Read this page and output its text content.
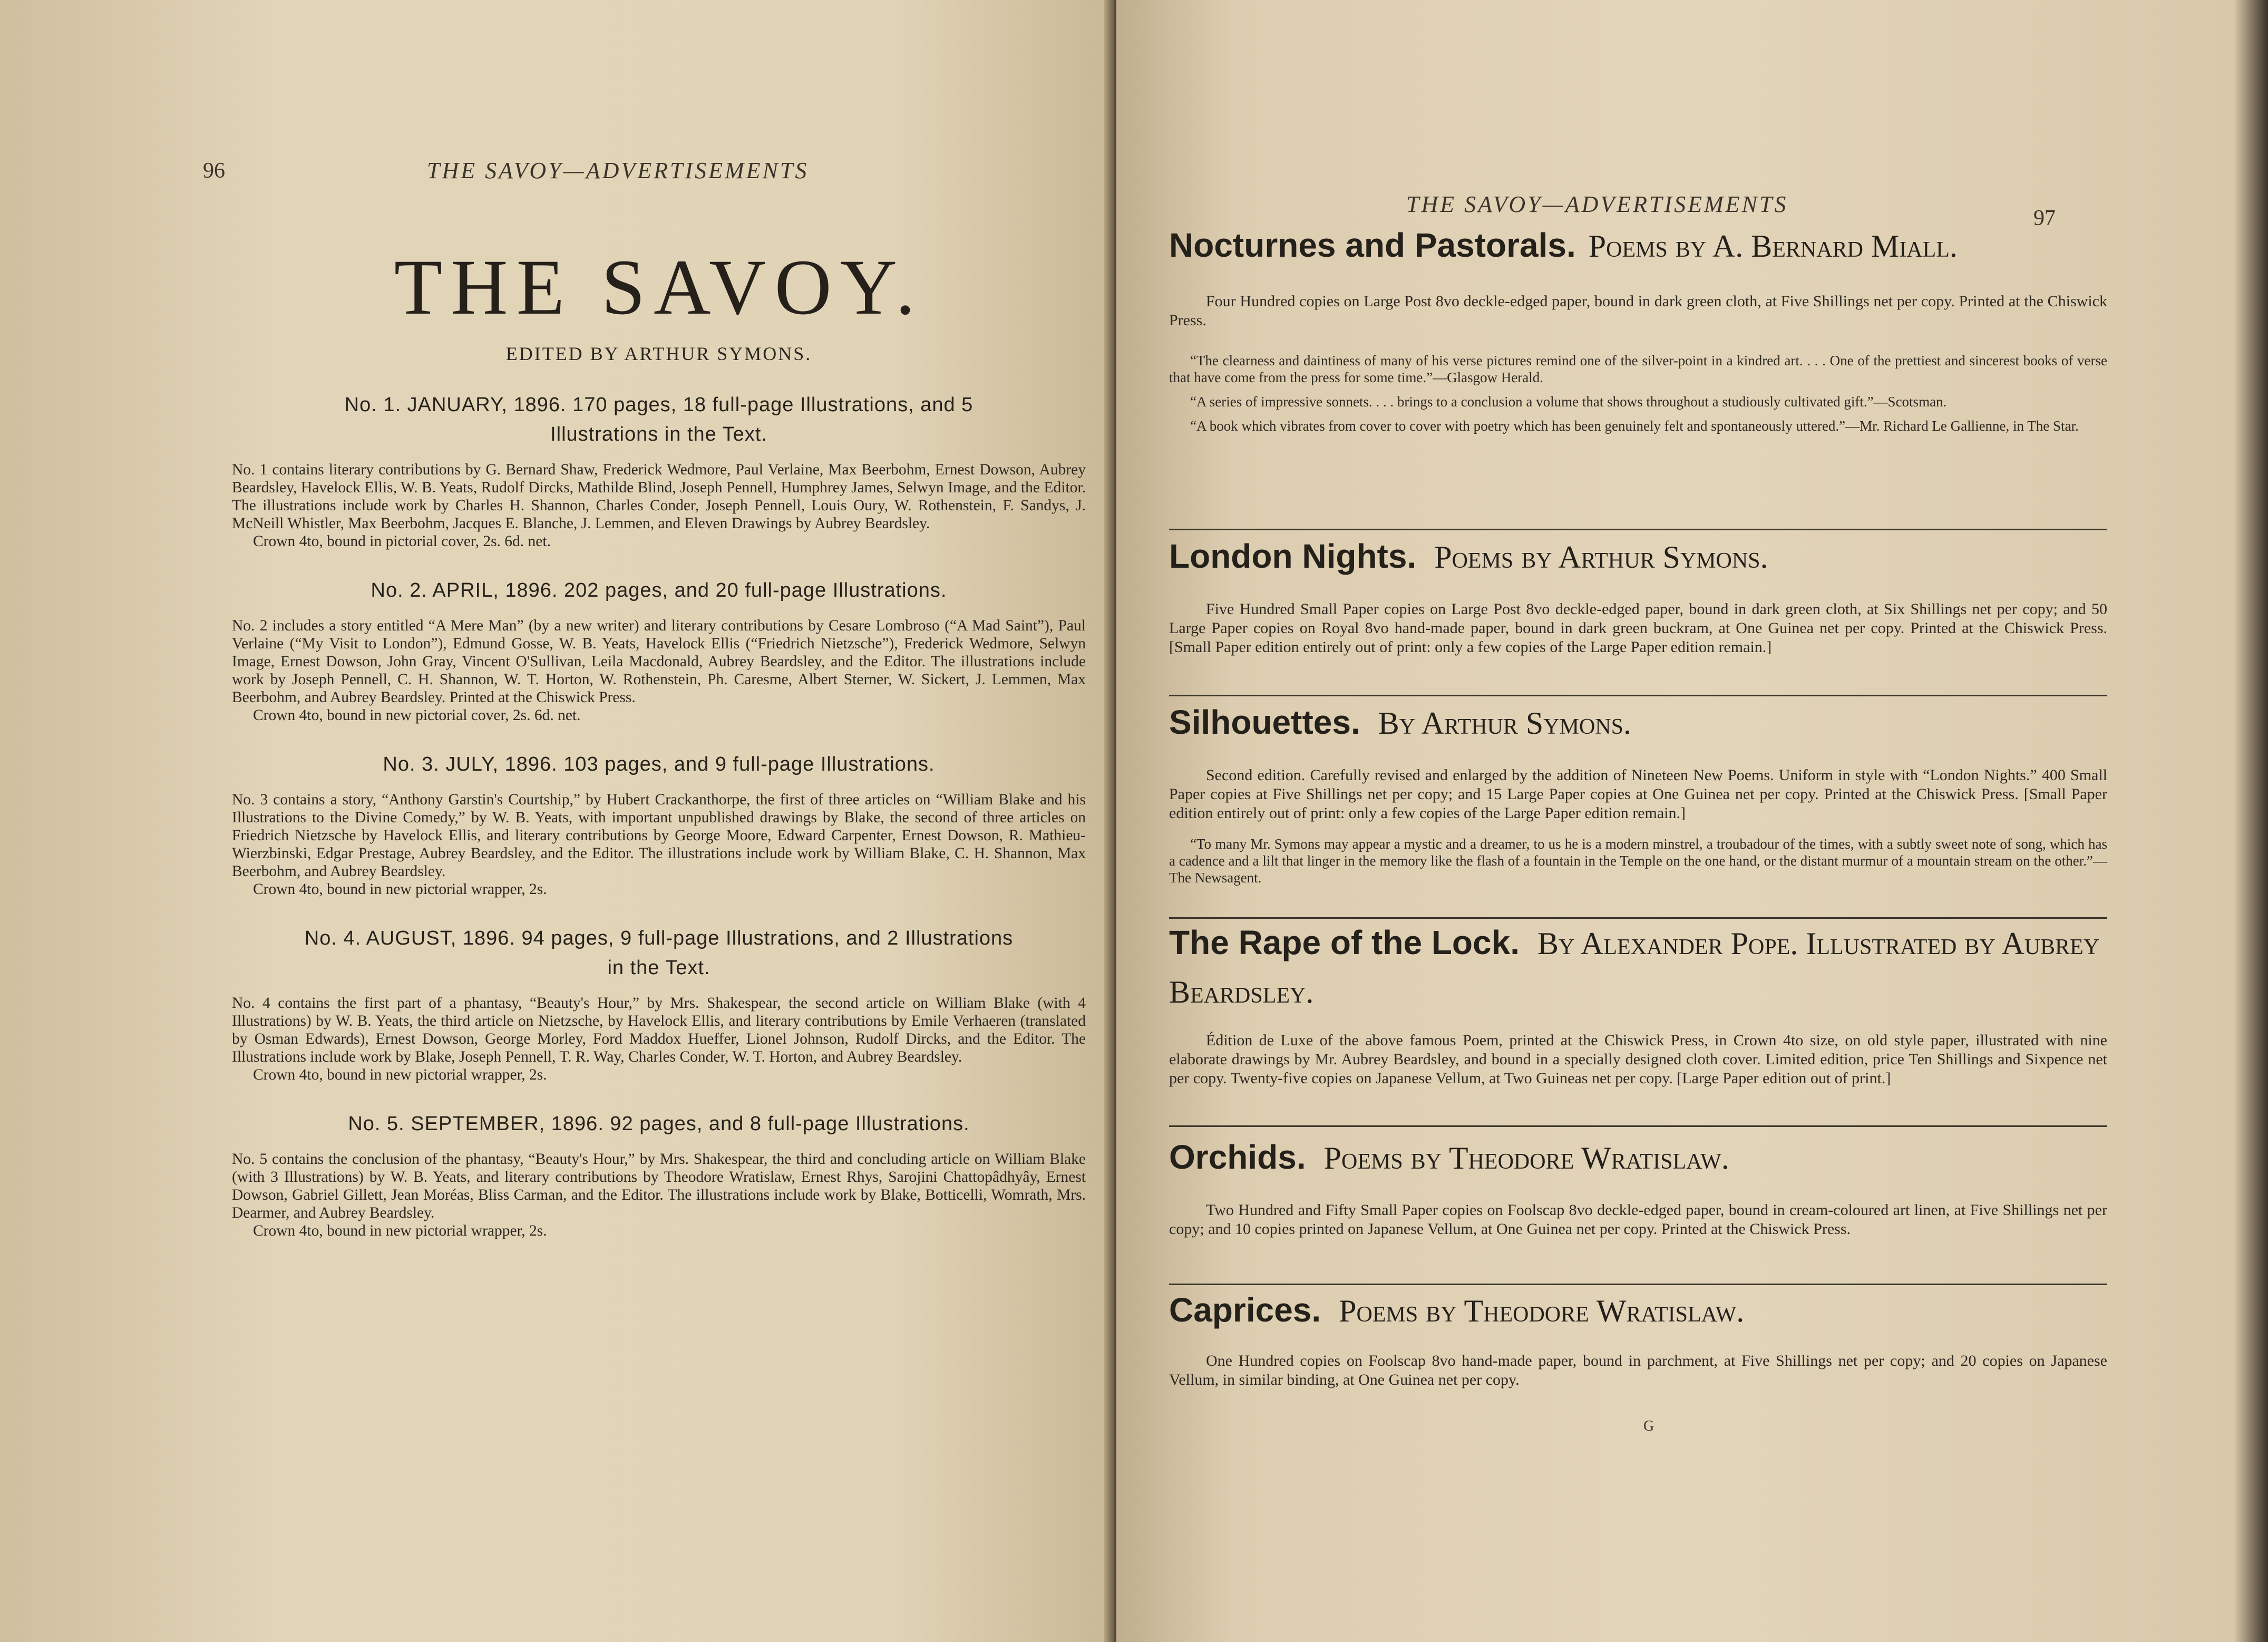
96	THE SAVOY—ADVERTISEMENTS
THE SAVOY.
EDITED BY ARTHUR SYMONS.
No. 1. JANUARY, 1896. 170 pages, 18 full-page Illustrations, and 5 Illustrations in the Text.
No. 1 contains literary contributions by G. Bernard Shaw, Frederick Wedmore, Paul Verlaine, Max Beerbohm, Ernest Dowson, Aubrey Beardsley, Havelock Ellis, W. B. Yeats, Rudolf Dircks, Mathilde Blind, Joseph Pennell, Humphrey James, Selwyn Image, and the Editor. The illustrations include work by Charles H. Shannon, Charles Conder, Joseph Pennell, Louis Oury, W. Rothenstein, F. Sandys, J. McNeill Whistler, Max Beerbohm, Jacques E. Blanche, J. Lemmen, and Eleven Drawings by Aubrey Beardsley.
Crown 4to, bound in pictorial cover, 2s. 6d. net.
No. 2. APRIL, 1896. 202 pages, and 20 full-page Illustrations.
No. 2 includes a story entitled “A Mere Man” (by a new writer) and literary contributions by Cesare Lombroso (“A Mad Saint”), Paul Verlaine (“My Visit to London”), Edmund Gosse, W. B. Yeats, Havelock Ellis (“Friedrich Nietzsche”), Frederick Wedmore, Selwyn Image, Ernest Dowson, John Gray, Vincent O'Sullivan, Leila Macdonald, Aubrey Beardsley, and the Editor. The illustrations include work by Joseph Pennell, C. H. Shannon, W. T. Horton, W. Rothenstein, Ph. Caresme, Albert Sterner, W. Sickert, J. Lemmen, Max Beerbohm, and Aubrey Beardsley. Printed at the Chiswick Press.
Crown 4to, bound in new pictorial cover, 2s. 6d. net.
No. 3. JULY, 1896. 103 pages, and 9 full-page Illustrations.
No. 3 contains a story, “Anthony Garstin's Courtship,” by Hubert Crackanthorpe, the first of three articles on “William Blake and his Illustrations to the Divine Comedy,” by W. B. Yeats, with important unpublished drawings by Blake, the second of three articles on Friedrich Nietzsche by Havelock Ellis, and literary contributions by George Moore, Edward Carpenter, Ernest Dowson, R. Mathieu-Wierzbinski, Edgar Prestage, Aubrey Beardsley, and the Editor. The illustrations include work by William Blake, C. H. Shannon, Max Beerbohm, and Aubrey Beardsley.
Crown 4to, bound in new pictorial wrapper, 2s.
No. 4. AUGUST, 1896. 94 pages, 9 full-page Illustrations, and 2 Illustrations in the Text.
No. 4 contains the first part of a phantasy, “Beauty's Hour,” by Mrs. Shakespear, the second article on William Blake (with 4 Illustrations) by W. B. Yeats, the third article on Nietzsche, by Havelock Ellis, and literary contributions by Emile Verhaeren (translated by Osman Edwards), Ernest Dowson, George Morley, Ford Maddox Hueffer, Lionel Johnson, Rudolf Dircks, and the Editor. The Illustrations include work by Blake, Joseph Pennell, T. R. Way, Charles Conder, W. T. Horton, and Aubrey Beardsley.
Crown 4to, bound in new pictorial wrapper, 2s.
No. 5. SEPTEMBER, 1896. 92 pages, and 8 full-page Illustrations.
No. 5 contains the conclusion of the phantasy, “Beauty's Hour,” by Mrs. Shakespear, the third and concluding article on William Blake (with 3 Illustrations) by W. B. Yeats, and literary contributions by Theodore Wratislaw, Ernest Rhys, Sarojini Chattopâdhyây, Ernest Dowson, Gabriel Gillett, Jean Moréas, Bliss Carman, and the Editor. The illustrations include work by Blake, Botticelli, Womrath, Mrs. Dearmer, and Aubrey Beardsley.
Crown 4to, bound in new pictorial wrapper, 2s.
THE SAVOY—ADVERTISEMENTS
97
Nocturnes and Pastorals. Poems by A. Bernard Miall.
Four Hundred copies on Large Post 8vo deckle-edged paper, bound in dark green cloth, at Five Shillings net per copy. Printed at the Chiswick Press.
“The clearness and daintiness of many of his verse pictures remind one of the silver-point in a kindred art. . . . One of the prettiest and sincerest books of verse that have come from the press for some time.”—Glasgow Herald.
“A series of impressive sonnets. . . . brings to a conclusion a volume that shows throughout a studiously cultivated gift.”—Scotsman.
“A book which vibrates from cover to cover with poetry which has been genuinely felt and spontaneously uttered.”—Mr. Richard Le Gallienne, in The Star.
London Nights. Poems by Arthur Symons.
Five Hundred Small Paper copies on Large Post 8vo deckle-edged paper, bound in dark green cloth, at Six Shillings net per copy; and 50 Large Paper copies on Royal 8vo hand-made paper, bound in dark green buckram, at One Guinea net per copy. Printed at the Chiswick Press. [Small Paper edition entirely out of print: only a few copies of the Large Paper edition remain.]
Silhouettes. By Arthur Symons.
Second edition. Carefully revised and enlarged by the addition of Nineteen New Poems. Uniform in style with “London Nights.” 400 Small Paper copies at Five Shillings net per copy; and 15 Large Paper copies at One Guinea net per copy. Printed at the Chiswick Press. [Small Paper edition entirely out of print: only a few copies of the Large Paper edition remain.]
“To many Mr. Symons may appear a mystic and a dreamer, to us he is a modern minstrel, a troubadour of the times, with a subtly sweet note of song, which has a cadence and a lilt that linger in the memory like the flash of a fountain in the Temple on the one hand, or the distant murmur of a mountain stream on the other.”—The Newsagent.
The Rape of the Lock. By Alexander Pope. Illustrated by Aubrey Beardsley.
Édition de Luxe of the above famous Poem, printed at the Chiswick Press, in Crown 4to size, on old style paper, illustrated with nine elaborate drawings by Mr. Aubrey Beardsley, and bound in a specially designed cloth cover. Limited edition, price Ten Shillings and Sixpence net per copy. Twenty-five copies on Japanese Vellum, at Two Guineas net per copy. [Large Paper edition out of print.]
Orchids. Poems by Theodore Wratislaw.
Two Hundred and Fifty Small Paper copies on Foolscap 8vo deckle-edged paper, bound in cream-coloured art linen, at Five Shillings net per copy; and 10 copies printed on Japanese Vellum, at One Guinea net per copy. Printed at the Chiswick Press.
Caprices. Poems by Theodore Wratislaw.
One Hundred copies on Foolscap 8vo hand-made paper, bound in parchment, at Five Shillings net per copy; and 20 copies on Japanese Vellum, in similar binding, at One Guinea net per copy.
G
